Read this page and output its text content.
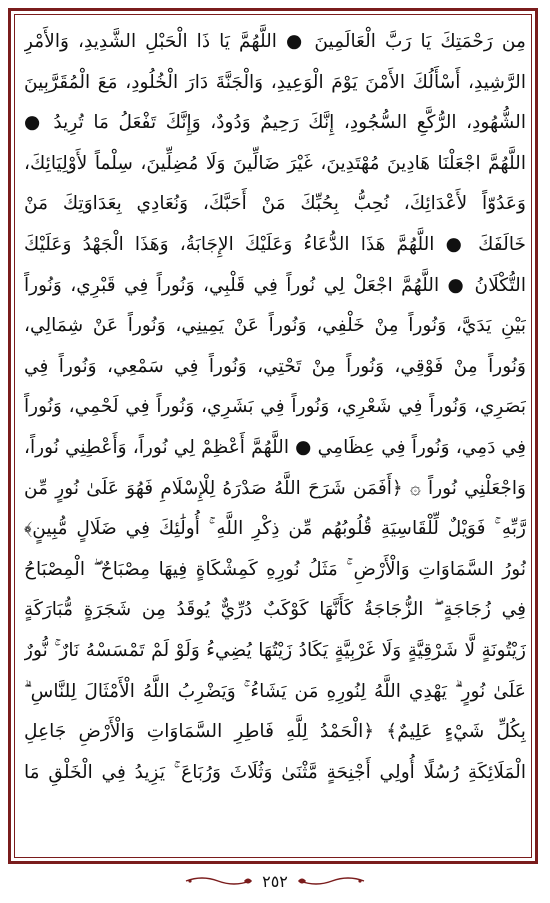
مِن رَحْمَتِكَ يَا رَبَّ الْعَالَمِينَ ● اللَّهُمَّ يَا ذَا الْحَبْلِ الشَّدِيدِ، وَالأَمْرِ
الرَّشِيدِ، أَسْأَلُكَ الأَمْنَ يَوْمَ الْوَعِيدِ، وَالْجَنَّةَ دَارَ الْخُلُودِ، مَعَ الْمُقَرَّبِينَ
الشُّهُودِ، الرُّكَّعِ السُّجُودِ، إِنَّكَ رَحِيمٌ وَدُودٌ، وَإِنَّكَ تَفْعَلُ مَا تُرِيدُ ●
اللَّهُمَّ اجْعَلْنَا هَادِينَ مُهْتَدِينَ، غَيْرَ ضَالِّينَ وَلَا مُضِلِّينَ، سِلْماً لأَوْلِيَائِكَ،
وَعَدُوّاً لأَعْدَائِكَ، نُحِبُّ بِحُبِّكَ مَنْ أَحَبَّكَ، وَنُعَادِي بِعَدَاوَتِكَ مَنْ
خَالَفَكَ ● اللَّهُمَّ هَذَا الدُّعَاءُ وَعَلَيْكَ الإِجَابَةُ، وَهَذَا الْجَهْدُ وَعَلَيْكَ
التُّكْلَانُ ● اللَّهُمَّ اجْعَلْ لِي نُوراً فِي قَلْبِي، وَنُوراً فِي قَبْرِي، وَنُوراً
بَيْنِ يَدَيَّ، وَنُوراً مِنْ خَلْفِي، وَنُوراً عَنْ يَمِينِي، وَنُوراً عَنْ شِمَالِي،
وَنُوراً مِنْ فَوْقِي، وَنُوراً مِنْ تَحْتِي، وَنُوراً فِي سَمْعِي، وَنُوراً فِي
بَصَرِي، وَنُوراً فِي شَعْرِي، وَنُوراً فِي بَشَرِي، وَنُوراً فِي لَحْمِي، وَنُوراً
فِي دَمِي، وَنُوراً فِي عِظَامِي ● اللَّهُمَّ أَعْظِمْ لِي نُوراً، وَأَعْطِنِي نُوراً،
وَاجْعَلْنِي نُوراً ۞ ﴿أَفَمَن شَرَحَ اللَّهُ صَدْرَهُ لِلْإِسْلَامِ فَهُوَ عَلَىٰ نُورٍ مِّن
رَّبِّهِ ۚ فَوَيْلٌ لِّلْقَاسِيَةِ قُلُوبُهُم مِّن ذِكْرِ اللَّهِ ۚ أُولَٰئِكَ فِي ضَلَالٍ مُّبِينٍ﴾
نُورُ السَّمَاوَاتِ وَالْأَرْضِ ۚ مَثَلُ نُورِهِ كَمِشْكَاةٍ فِيهَا مِصْبَاحٌ ۖ الْمِصْبَاحُ
فِي زُجَاجَةٍ ۖ الزُّجَاجَةُ كَأَنَّهَا كَوْكَبٌ دُرِّيٌّ يُوقَدُ مِن شَجَرَةٍ مُّبَارَكَةٍ
زَيْتُونَةٍ لَّا شَرْقِيَّةٍ وَلَا غَرْبِيَّةٍ يَكَادُ زَيْتُهَا يُضِيءُ وَلَوْ لَمْ تَمْسَسْهُ نَارٌ ۚ نُّورٌ
عَلَىٰ نُورٍ ۗ يَهْدِي اللَّهُ لِنُورِهِ مَن يَشَاءُ ۚ وَيَضْرِبُ اللَّهُ الْأَمْثَالَ لِلنَّاسِ ۗ
بِكُلِّ شَيْءٍ عَلِيمٌ﴾ ﴿الْحَمْدُ لِلَّهِ فَاطِرِ السَّمَاوَاتِ وَالْأَرْضِ جَاعِلِ
الْمَلَائِكَةِ رُسُلًا أُولِي أَجْنِحَةٍ مَّثْنَىٰ وَثُلَاثَ وَرُبَاعَ ۚ يَزِيدُ فِي الْخَلْقِ مَا
٢٥٢
